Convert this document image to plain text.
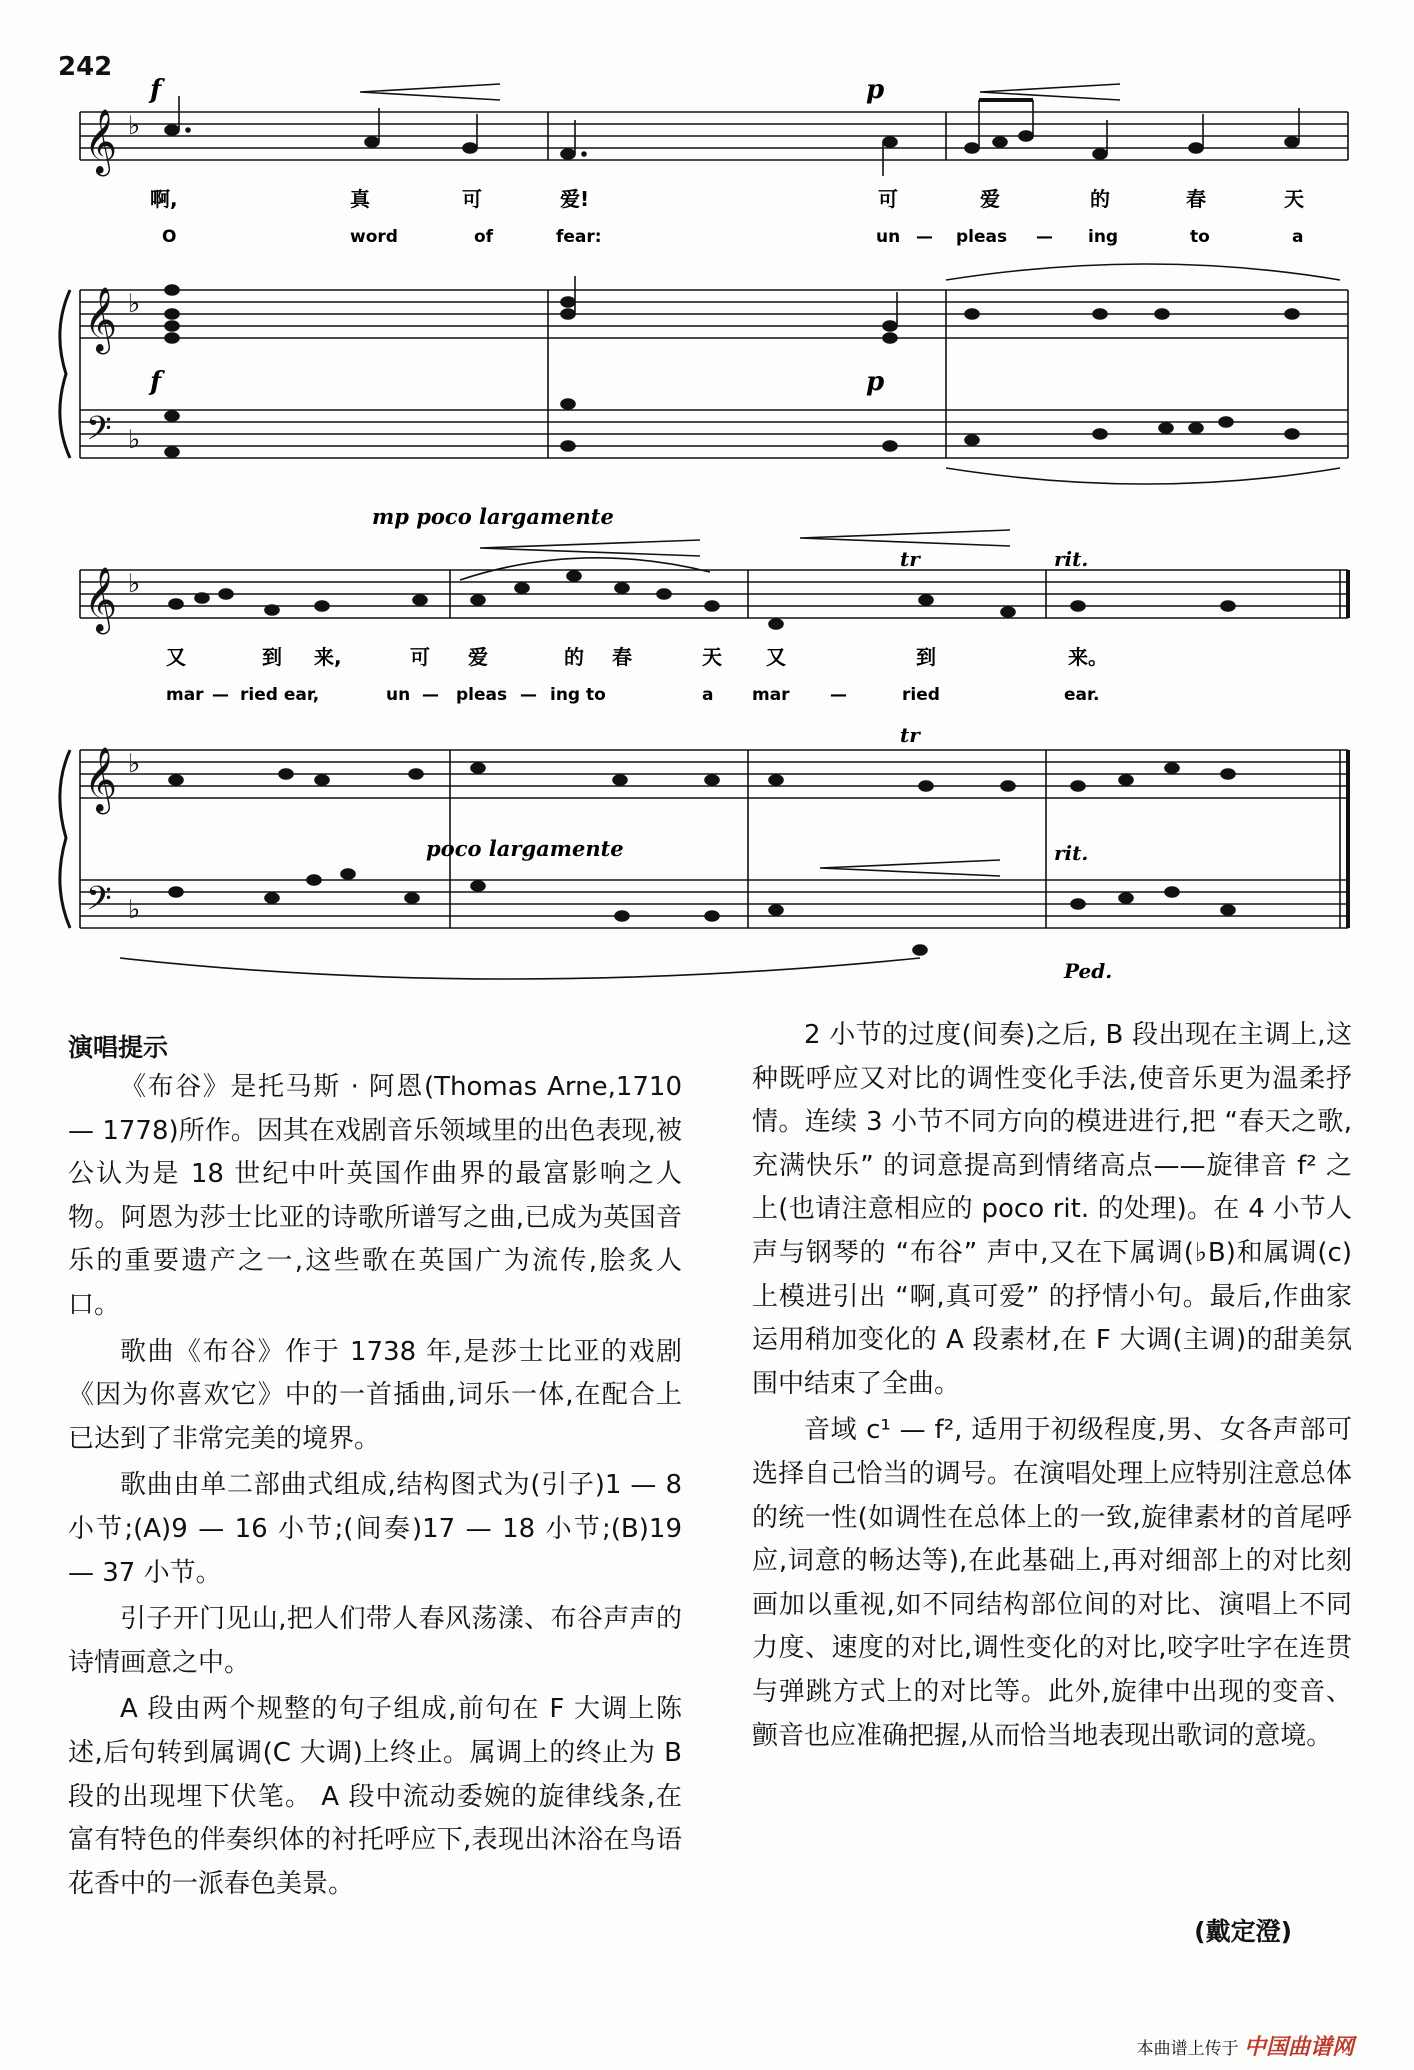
242
𝄞
𝄞
𝄢
𝄞
𝄞
𝄢
♭
♭
♭
♭
♭
♭
f	p
f	p
mp poco largamente
tr	rit.
tr
poco largamente	rit.
Ped.
啊,	真	可	爱!	可	爱	的	春	天
O	word	of	fear:	un — pleas — ing	to	a
又	到 来,	可 爱	的 春	天 又	到	来。
mar — ried ear,	un — pleas — ing to	a mar —	ried	ear.
演唱提示

《布谷》是托马斯 · 阿恩(Thomas Arne,1710 — 1778)所作。因其在戏剧音乐领域里的出色表现,被公认为是 18 世纪中叶英国作曲界的最富影响之人物。阿恩为莎士比亚的诗歌所谱写之曲,已成为英国音乐的重要遗产之一,这些歌在英国广为流传,脍炙人口。

歌曲《布谷》作于 1738 年,是莎士比亚的戏剧《因为你喜欢它》中的一首插曲,词乐一体,在配合上已达到了非常完美的境界。

歌曲由单二部曲式组成,结构图式为(引子)1 — 8 小节;(A)9 — 16 小节;(间奏)17 — 18 小节;(B)19 — 37 小节。

引子开门见山,把人们带人春风荡漾、布谷声声的诗情画意之中。

A 段由两个规整的句子组成,前句在 F 大调上陈述,后句转到属调(C 大调)上终止。属调上的终止为 B 段的出现埋下伏笔。 A 段中流动委婉的旋律线条,在富有特色的伴奏织体的衬托呼应下,表现出沐浴在鸟语花香中的一派春色美景。

2 小节的过度(间奏)之后, B 段出现在主调上,这种既呼应又对比的调性变化手法,使音乐更为温柔抒情。连续 3 小节不同方向的模进进行,把 “春天之歌,充满快乐” 的词意提高到情绪高点——旋律音 f² 之上(也请注意相应的 poco rit. 的处理)。在 4 小节人声与钢琴的 “布谷” 声中,又在下属调(♭B)和属调(c)上模进引出 “啊,真可爱” 的抒情小句。最后,作曲家运用稍加变化的 A 段素材,在 F 大调(主调)的甜美氛围中结束了全曲。

音域 c¹ — f², 适用于初级程度,男、女各声部可选择自己恰当的调号。在演唱处理上应特别注意总体的统一性(如调性在总体上的一致,旋律素材的首尾呼应,词意的畅达等),在此基础上,再对细部上的对比刻画加以重视,如不同结构部位间的对比、演唱上不同力度、速度的对比,调性变化的对比,咬字吐字在连贯与弹跳方式上的对比等。此外,旋律中出现的变音、颤音也应准确把握,从而恰当地表现出歌词的意境。

(戴定澄)
本曲谱上传于 中国曲谱网
